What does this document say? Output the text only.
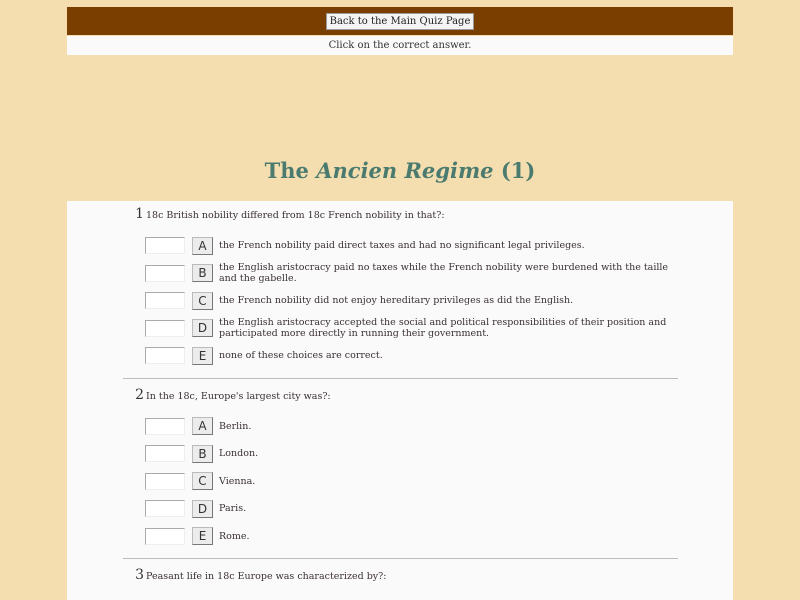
Back to the Main Quiz Page
Click on the correct answer.
The Ancien Regime (1)
1 18c British nobility differed from 18c French nobility in that?:
A	the French nobility paid direct taxes and had no significant legal privileges.
B	the English aristocracy paid no taxes while the French nobility were burdened with the taille and the gabelle.
C	the French nobility did not enjoy hereditary privileges as did the English.
D	the English aristocracy accepted the social and political responsibilities of their position and participated more directly in running their government.
E	none of these choices are correct.
2 In the 18c, Europe's largest city was?:
A	Berlin.
B	London.
C	Vienna.
D	Paris.
E	Rome.
3 Peasant life in 18c Europe was characterized by?:
